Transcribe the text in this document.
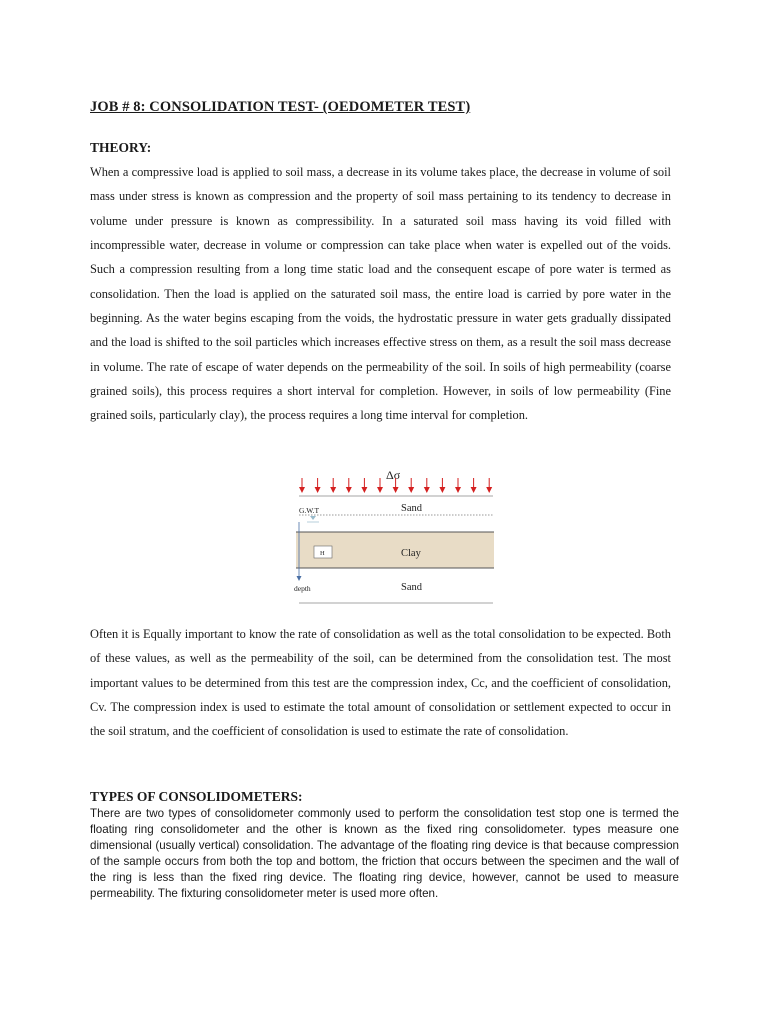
JOB # 8: CONSOLIDATION TEST- (OEDOMETER TEST)
THEORY:

When a compressive load is applied to soil mass, a decrease in its volume takes place, the decrease in volume of soil mass under stress is known as compression and the property of soil mass pertaining to its tendency to decrease in volume under pressure is known as compressibility. In a saturated soil mass having its void filled with incompressible water, decrease in volume or compression can take place when water is expelled out of the voids. Such a compression resulting from a long time static load and the consequent escape of pore water is termed as consolidation. Then the load is applied on the saturated soil mass, the entire load is carried by pore water in the beginning. As the water begins escaping from the voids, the hydrostatic pressure in water gets gradually dissipated and the load is shifted to the soil particles which increases effective stress on them, as a result the soil mass decrease in volume. The rate of escape of water depends on the permeability of the soil. In soils of high permeability (coarse grained soils), this process requires a short interval for completion. However, in soils of low permeability (Fine grained soils, particularly clay), the process requires a long time interval for completion.

Δσ
G.W.T	Sand
Clay
H
depth	Sand

Often it is Equally important to know the rate of consolidation as well as the total consolidation to be expected. Both of these values, as well as the permeability of the soil, can be determined from the consolidation test. The most important values to be determined from this test are the compression index, Cc, and the coefficient of consolidation, Cv. The compression index is used to estimate the total amount of consolidation or settlement expected to occur in the soil stratum, and the coefficient of consolidation is used to estimate the rate of consolidation.

TYPES OF CONSOLIDOMETERS:

There are two types of consolidometer commonly used to perform the consolidation test stop one is termed the floating ring consolidometer and the other is known as the fixed ring consolidometer. types measure one dimensional (usually vertical) consolidation. The advantage of the floating ring device is that because compression of the sample occurs from both the top and bottom, the friction that occurs between the specimen and the wall of the ring is less than the fixed ring device. The floating ring device, however, cannot be used to measure permeability. The fixturing consolidometer meter is used more often.
